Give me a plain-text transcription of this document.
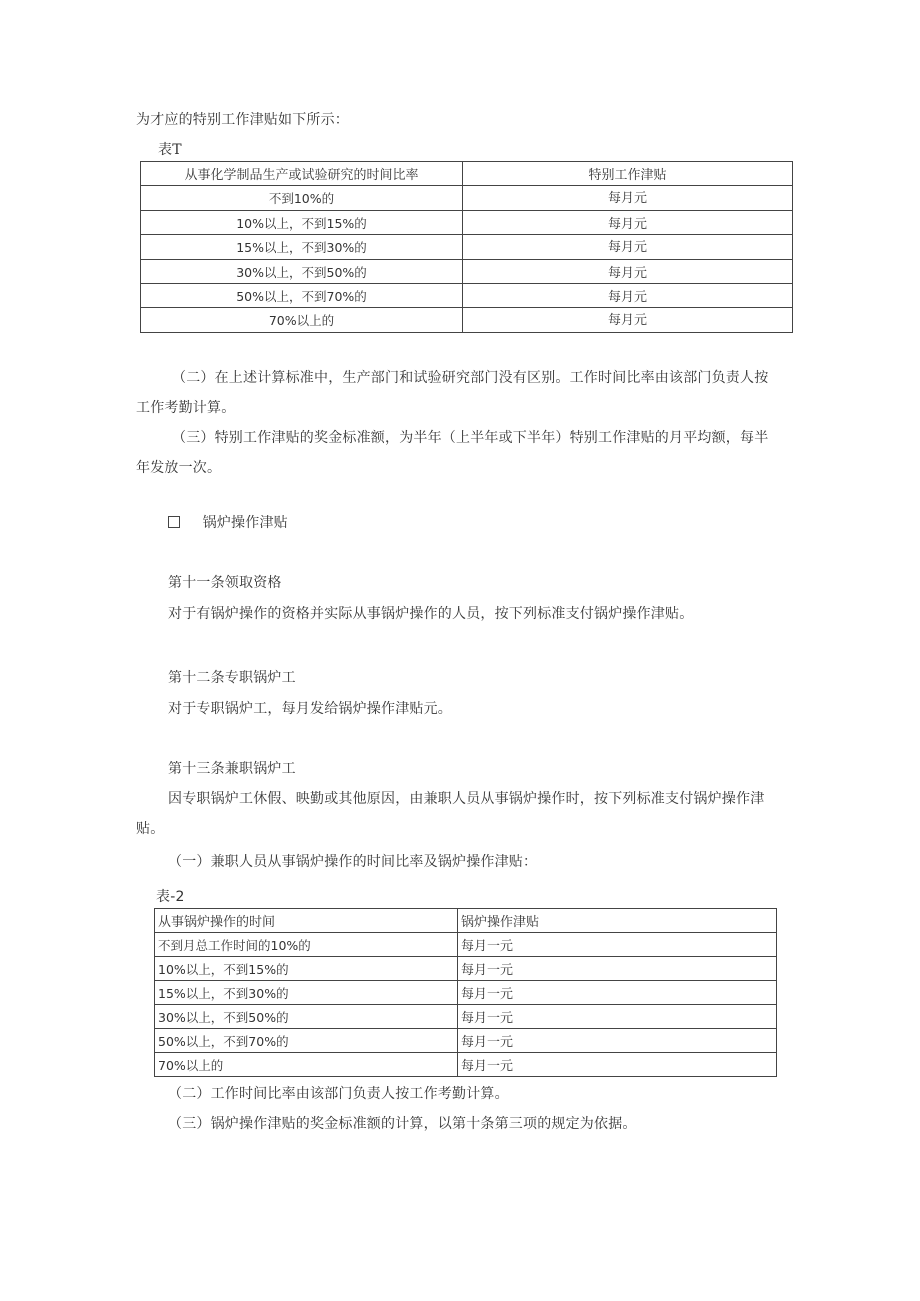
为才应的特别工作津贴如下所示：
表T
从事化学制品生产或试验研究的时间比率	特别工作津贴
不到10%的	每月元
10%以上，不到15%的	每月元
15%以上，不到30%的	每月元
30%以上，不到50%的	每月元
50%以上，不到70%的	每月元
70%以上的	每月元
（二）在上述计算标准中，生产部门和试验研究部门没有区别。工作时间比率由该部门负责人按
工作考勤计算。
（三）特别工作津贴的奖金标准额，为半年（上半年或下半年）特别工作津贴的月平均额，每半
年发放一次。
锅炉操作津贴
第十一条领取资格
对于有锅炉操作的资格并实际从事锅炉操作的人员，按下列标准支付锅炉操作津贴。
第十二条专职锅炉工
对于专职锅炉工，每月发给锅炉操作津贴元。
第十三条兼职锅炉工
因专职锅炉工休假、映勤或其他原因，由兼职人员从事锅炉操作时，按下列标准支付锅炉操作津
贴。
（一）兼职人员从事锅炉操作的时间比率及锅炉操作津贴：
表-2
从事锅炉操作的时间	锅炉操作津贴
不到月总工作时间的10%的	每月一元
10%以上，不到15%的	每月一元
15%以上，不到30%的	每月一元
30%以上，不到50%的	每月一元
50%以上，不到70%的	每月一元
70%以上的	每月一元
（二）工作时间比率由该部门负责人按工作考勤计算。
（三）锅炉操作津贴的奖金标准额的计算，以第十条第三项的规定为依据。
